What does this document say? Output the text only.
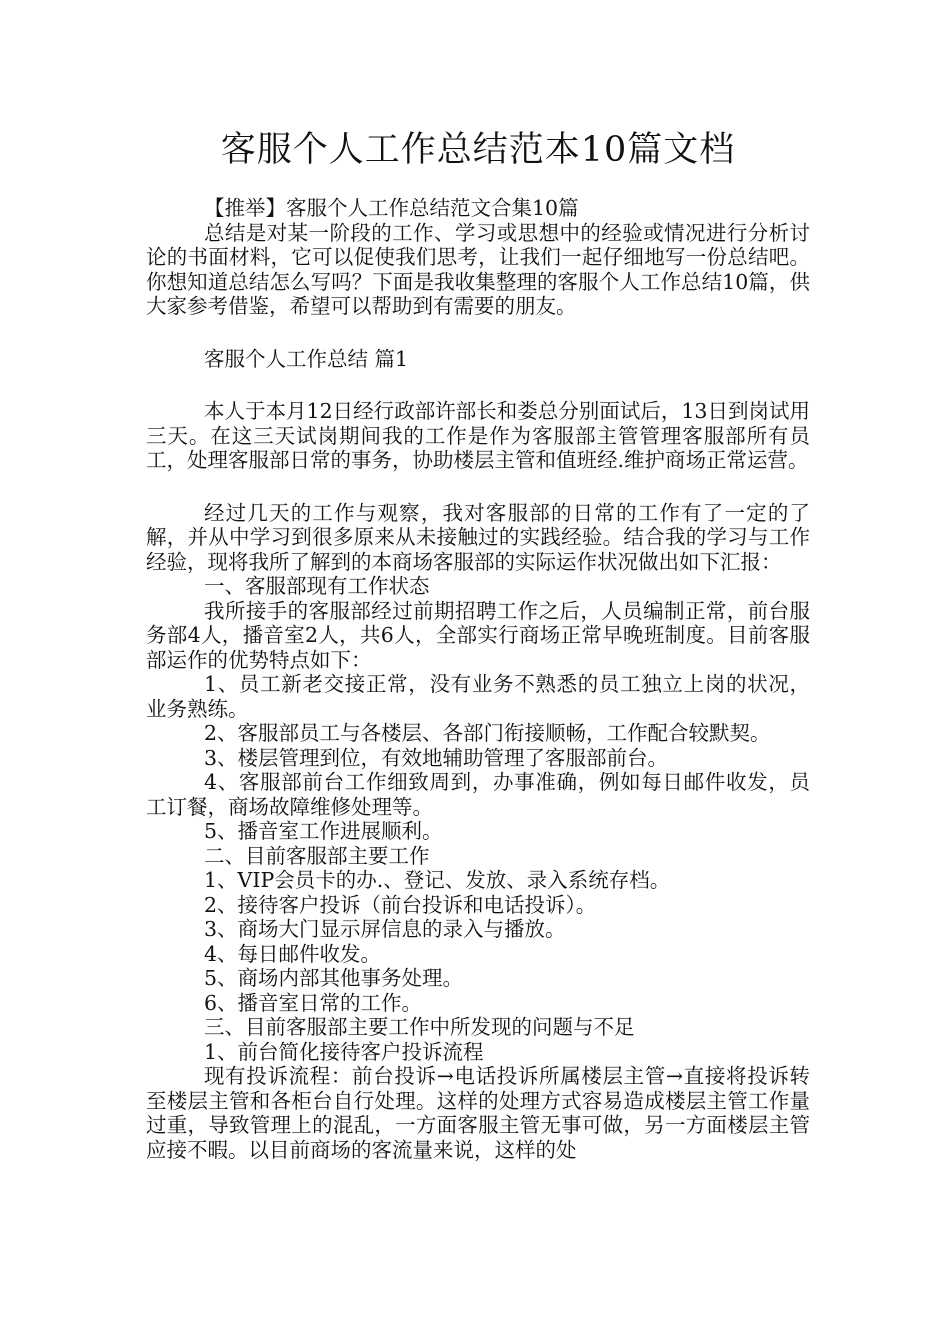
客服个人工作总结范本10篇文档

【推举】客服个人工作总结范文合集10篇

总结是对某一阶段的工作、学习或思想中的经验或情况进行分析讨论的书面材料，它可以促使我们思考，让我们一起仔细地写一份总结吧。你想知道总结怎么写吗？下面是我收集整理的客服个人工作总结10篇，供大家参考借鉴，希望可以帮助到有需要的朋友。

客服个人工作总结 篇1

本人于本月12日经行政部许部长和娄总分别面试后，13日到岗试用三天。在这三天试岗期间我的工作是作为客服部主管管理客服部所有员工，处理客服部日常的事务，协助楼层主管和值班经.维护商场正常运营。

经过几天的工作与观察，我对客服部的日常的工作有了一定的了解，并从中学习到很多原来从未接触过的实践经验。结合我的学习与工作经验，现将我所了解到的本商场客服部的实际运作状况做出如下汇报：

一、客服部现有工作状态

我所接手的客服部经过前期招聘工作之后，人员编制正常，前台服务部4人，播音室2人，共6人，全部实行商场正常早晚班制度。目前客服部运作的优势特点如下：

1、员工新老交接正常，没有业务不熟悉的员工独立上岗的状况，业务熟练。

2、客服部员工与各楼层、各部门衔接顺畅，工作配合较默契。

3、楼层管理到位，有效地辅助管理了客服部前台。

4、客服部前台工作细致周到，办事准确，例如每日邮件收发，员工订餐，商场故障维修处理等。

5、播音室工作进展顺利。

二、目前客服部主要工作

1、VIP会员卡的办.、登记、发放、录入系统存档。

2、接待客户投诉（前台投诉和电话投诉）。

3、商场大门显示屏信息的录入与播放。

4、每日邮件收发。

5、商场内部其他事务处理。

6、播音室日常的工作。

三、目前客服部主要工作中所发现的问题与不足

1、前台简化接待客户投诉流程

现有投诉流程：前台投诉→电话投诉所属楼层主管→直接将投诉转至楼层主管和各柜台自行处理。这样的处理方式容易造成楼层主管工作量过重，导致管理上的混乱，一方面客服主管无事可做，另一方面楼层主管应接不暇。以目前商场的客流量来说，这样的处
